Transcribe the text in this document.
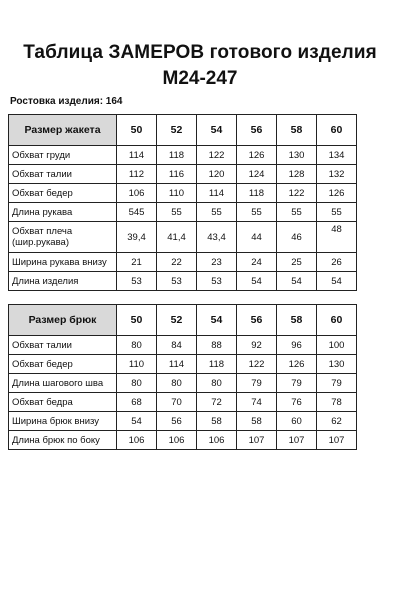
Таблица ЗАМЕРОВ готового изделия
М24-247
Ростовка изделия: 164
Размер жакета	50	52	54	56	58	60
Обхват груди	114	118	122	126	130	134
Обхват талии	112	116	120	124	128	132
Обхват бедер	106	110	114	118	122	126
Длина рукава	545	55	55	55	55	55
Обхват плеча (шир.рукава)	39,4	41,4	43,4	44	46	48
Ширина рукава внизу	21	22	23	24	25	26
Длина изделия	53	53	53	54	54	54
Размер брюк	50	52	54	56	58	60
Обхват талии	80	84	88	92	96	100
Обхват бедер	110	114	118	122	126	130
Длина шагового шва	80	80	80	79	79	79
Обхват бедра	68	70	72	74	76	78
Ширина брюк внизу	54	56	58	58	60	62
Длина брюк по боку	106	106	106	107	107	107
